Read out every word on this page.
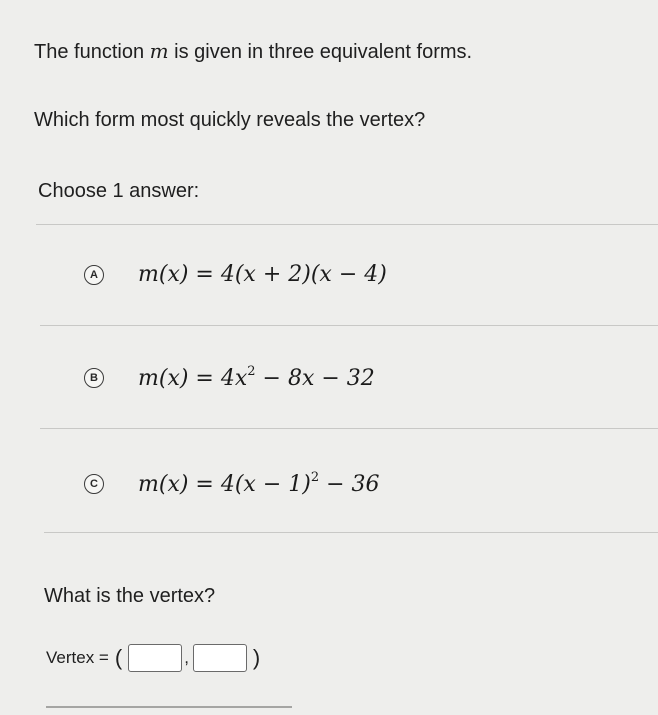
The function m is given in three equivalent forms.
Which form most quickly reveals the vertex?
Choose 1 answer:
A m(x) = 4(x + 2)(x − 4)
B $m(x) = 4x^2 - 8x - 32$
C $m(x) = 4(x - 1)^2 - 36$
What is the vertex?
Vertex = (	,	)
